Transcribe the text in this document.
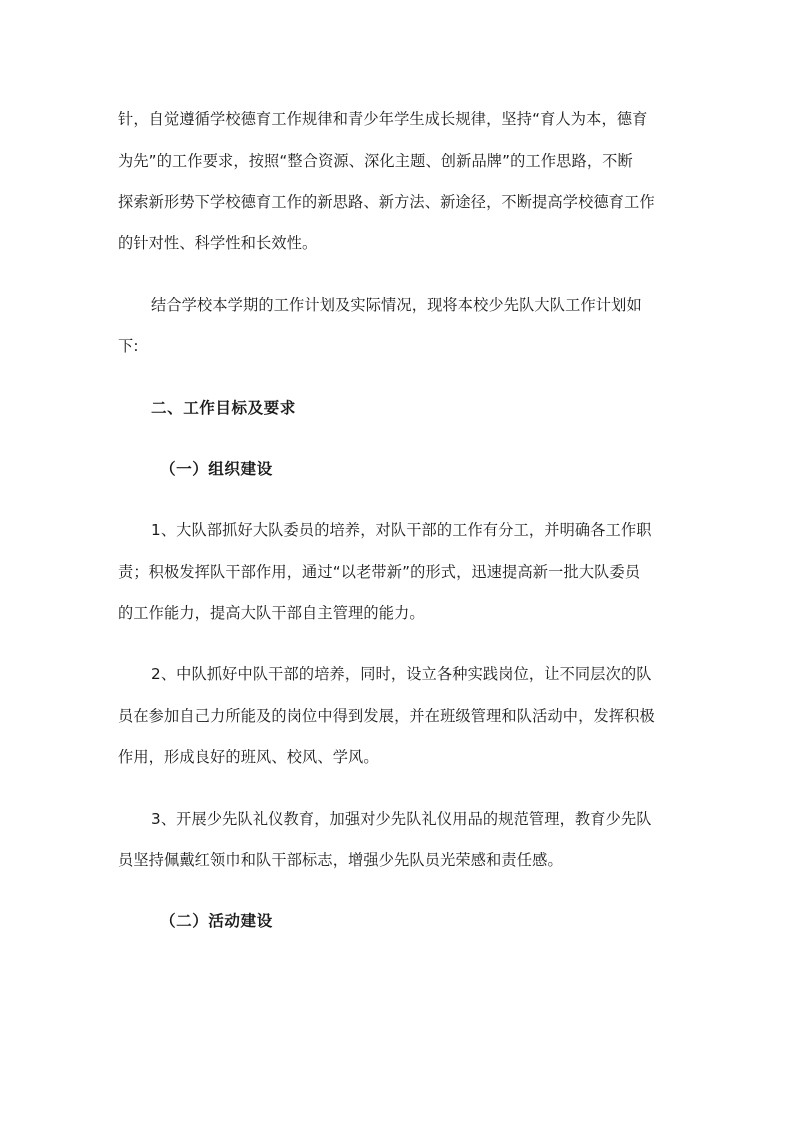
针，自觉遵循学校德育工作规律和青少年学生成长规律，坚持“育人为本，德育
为先”的工作要求，按照“整合资源、深化主题、创新品牌”的工作思路，不断
探索新形势下学校德育工作的新思路、新方法、新途径，不断提高学校德育工作
的针对性、科学性和长效性。
结合学校本学期的工作计划及实际情况，现将本校少先队大队工作计划如
下:
二、工作目标及要求
（一）组织建设
1、大队部抓好大队委员的培养，对队干部的工作有分工，并明确各工作职
责；积极发挥队干部作用，通过“以老带新”的形式，迅速提高新一批大队委员
的工作能力，提高大队干部自主管理的能力。
2、中队抓好中队干部的培养，同时，设立各种实践岗位，让不同层次的队
员在参加自己力所能及的岗位中得到发展，并在班级管理和队活动中，发挥积极
作用，形成良好的班风、校风、学风。
3、开展少先队礼仪教育，加强对少先队礼仪用品的规范管理，教育少先队
员坚持佩戴红领巾和队干部标志，增强少先队员光荣感和责任感。
（二）活动建设
